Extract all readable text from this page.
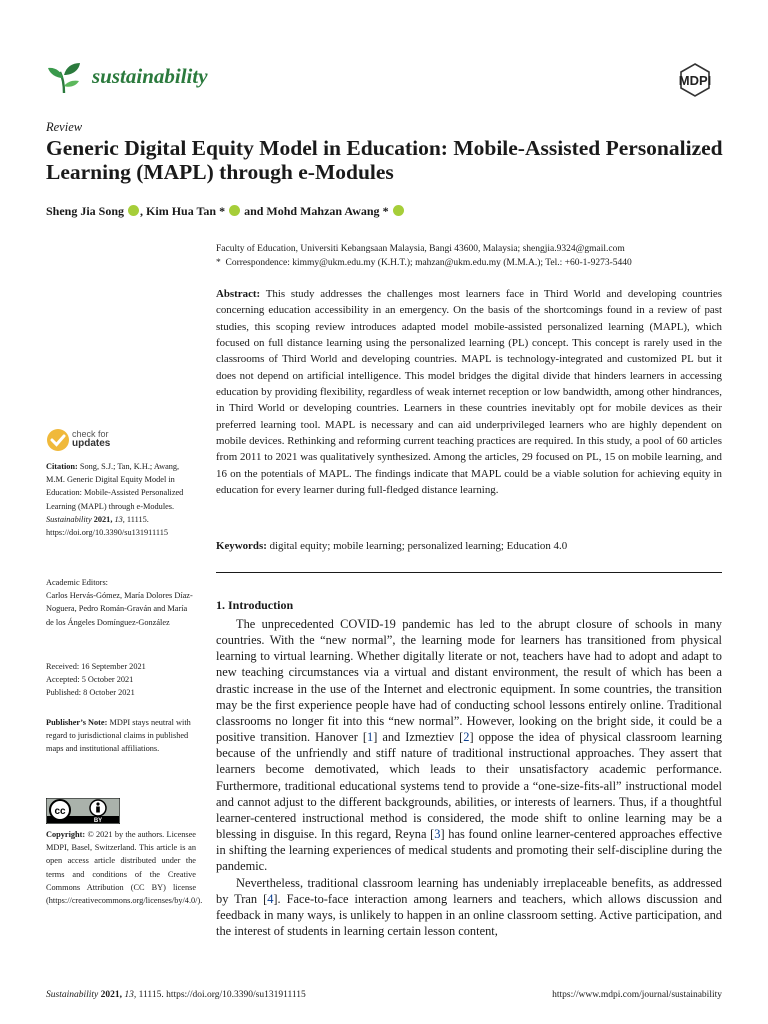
sustainability	MDPI
Review
Generic Digital Equity Model in Education: Mobile-Assisted Personalized Learning (MAPL) through e-Modules
Sheng Jia Song , Kim Hua Tan *  and Mohd Mahzan Awang *
Faculty of Education, Universiti Kebangsaan Malaysia, Bangi 43600, Malaysia; shengjia.9324@gmail.com
*  Correspondence: kimmy@ukm.edu.my (K.H.T.); mahzan@ukm.edu.my (M.M.A.); Tel.: +60-1-9273-5440
Abstract: This study addresses the challenges most learners face in Third World and developing countries concerning education accessibility in an emergency. On the basis of the shortcomings found in a review of past studies, this scoping review introduces adapted model mobile-assisted personalized learning (MAPL), which focused on full distance learning using the personalized learning (PL) concept. This concept is rarely used in the classrooms of Third World and developing countries. MAPL is technology-integrated and customized PL but it does not depend on artificial intelligence. This model bridges the digital divide that hinders learners in accessing education by providing flexibility, regardless of weak internet reception or low bandwidth, among other hindrances, in Third World or developing countries. Learners in these countries inevitably opt for mobile devices as their preferred learning tool. MAPL is necessary and can aid underprivileged learners who are highly dependent on mobile devices. Rethinking and reforming current teaching practices are required. In this study, a pool of 60 articles from 2011 to 2021 was qualitatively synthesized. Among the articles, 29 focused on PL, 15 on mobile learning, and 16 on the potentials of MAPL. The findings indicate that MAPL could be a viable solution for achieving equity in education for every learner during full-fledged distance learning.
Keywords: digital equity; mobile learning; personalized learning; Education 4.0
check for
updates
Citation: Song, S.J.; Tan, K.H.; Awang, M.M. Generic Digital Equity Model in Education: Mobile-Assisted Personalized Learning (MAPL) through e-Modules. Sustainability 2021, 13, 11115. https://doi.org/10.3390/su131911115
Academic Editors:
Carlos Hervás-Gómez, María Dolores Díaz-Noguera, Pedro Román-Graván and María de los Ángeles Domínguez-González
Received: 16 September 2021
Accepted: 5 October 2021
Published: 8 October 2021
Publisher’s Note: MDPI stays neutral with regard to jurisdictional claims in published maps and institutional affiliations.
cc
BY
Copyright: © 2021 by the authors. Licensee MDPI, Basel, Switzerland. This article is an open access article distributed under the terms and conditions of the Creative Commons Attribution (CC BY) license (https://creativecommons.org/licenses/by/4.0/).
1. Introduction

The unprecedented COVID-19 pandemic has led to the abrupt closure of schools in many countries. With the “new normal”, the learning mode for learners has transitioned from physical learning to virtual learning. Whether digitally literate or not, teachers have had to adopt and adapt to new teaching circumstances via a virtual and distant environment, the result of which has been a drastic increase in the use of the Internet and electronic equipment. In some countries, the transition may be the first experience people have had of conducting school lessons entirely online. Traditional classrooms no longer fit into this “new normal”. However, looking on the bright side, it could be a positive transition. Hanover [1] and Izmeztiev [2] oppose the idea of physical classroom learning because of the unfriendly and stiff nature of traditional instructional approaches. They assert that learners become demotivated, which leads to their unsatisfactory academic performance. Furthermore, traditional educational systems tend to provide a “one-size-fits-all” instructional model and cannot adjust to the different backgrounds, abilities, or interests of learners. Thus, if a thoughtful learner-centered instructional method is considered, the mode shift to online learning may be a blessing in disguise. In this regard, Reyna [3] has found online learner-centered approaches effective in shifting the learning experiences of medical students and promoting their self-discipline during the pandemic.

Nevertheless, traditional classroom learning has undeniably irreplaceable benefits, as addressed by Tran [4]. Face-to-face interaction among learners and teachers, which allows discussion and feedback in many ways, is unlikely to happen in an online classroom setting. Active participation, and the interest of students in learning certain lesson content,

Sustainability 2021, 13, 11115. https://doi.org/10.3390/su131911115	https://www.mdpi.com/journal/sustainability
